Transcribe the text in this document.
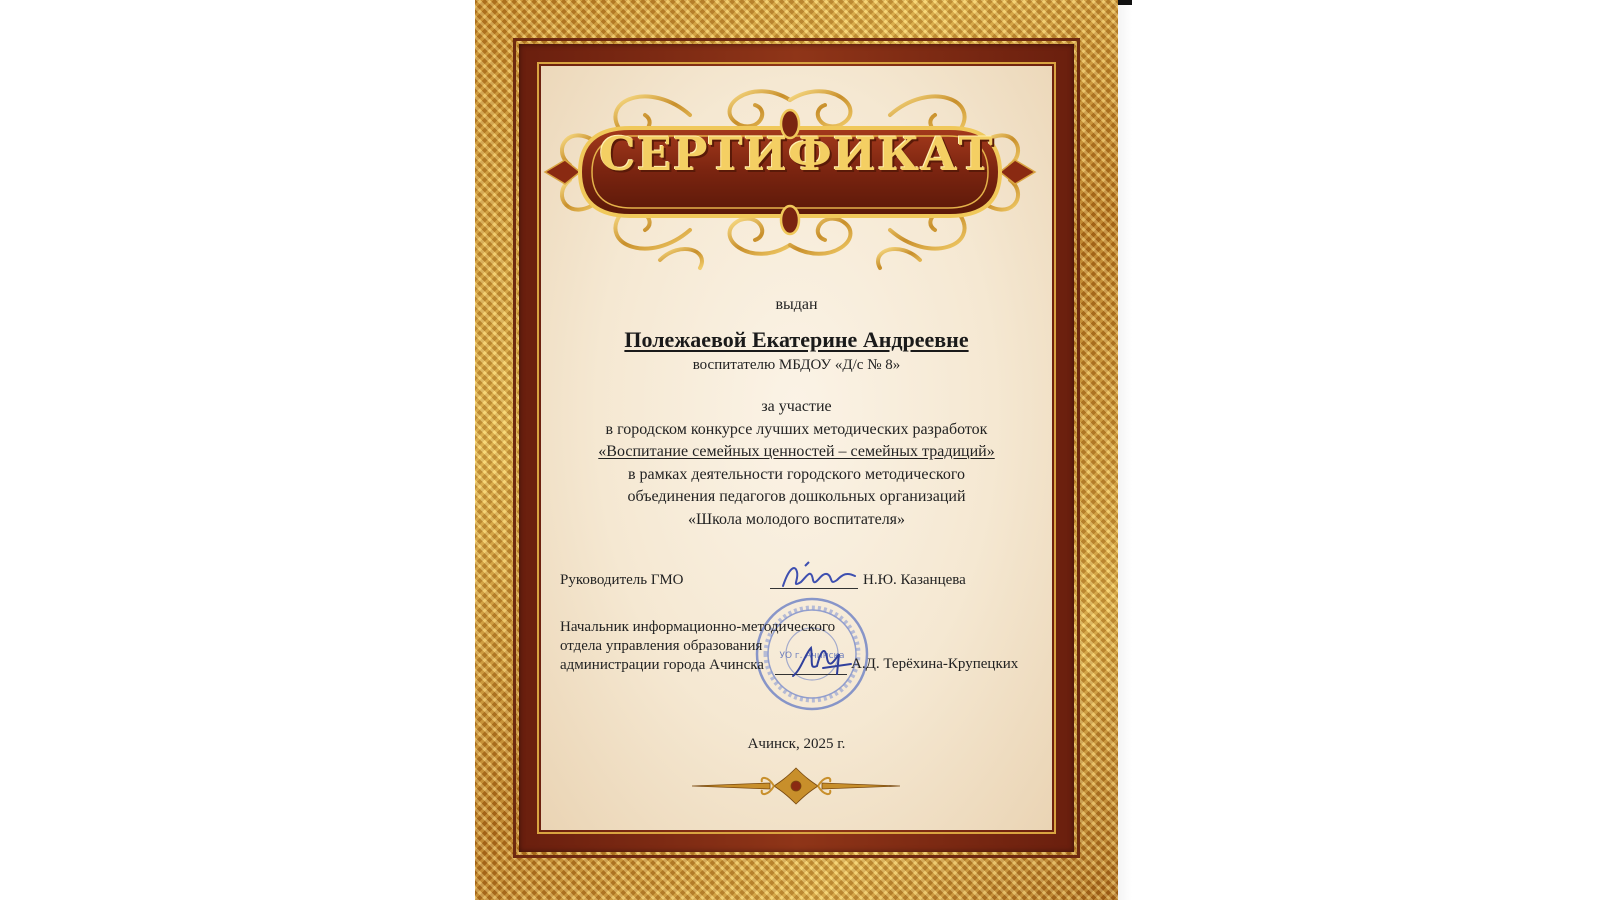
СЕРТИФИКАТ
выдан
Полежаевой Екатерине Андреевне
воспитателю МБДОУ «Д/с № 8»
за участие
в городском конкурсе лучших методических разработок
«Воспитание семейных ценностей – семейных традиций»
в рамках деятельности городского методического
объединения педагогов дошкольных организаций
«Школа молодого воспитателя»
Руководитель ГМО	Н.Ю. Казанцева
УО г. Ачинска
Начальник информационно-методического
отдела управления образования
администрации города Ачинска	А.Д. Терёхина-Крупецких
Ачинск, 2025 г.
